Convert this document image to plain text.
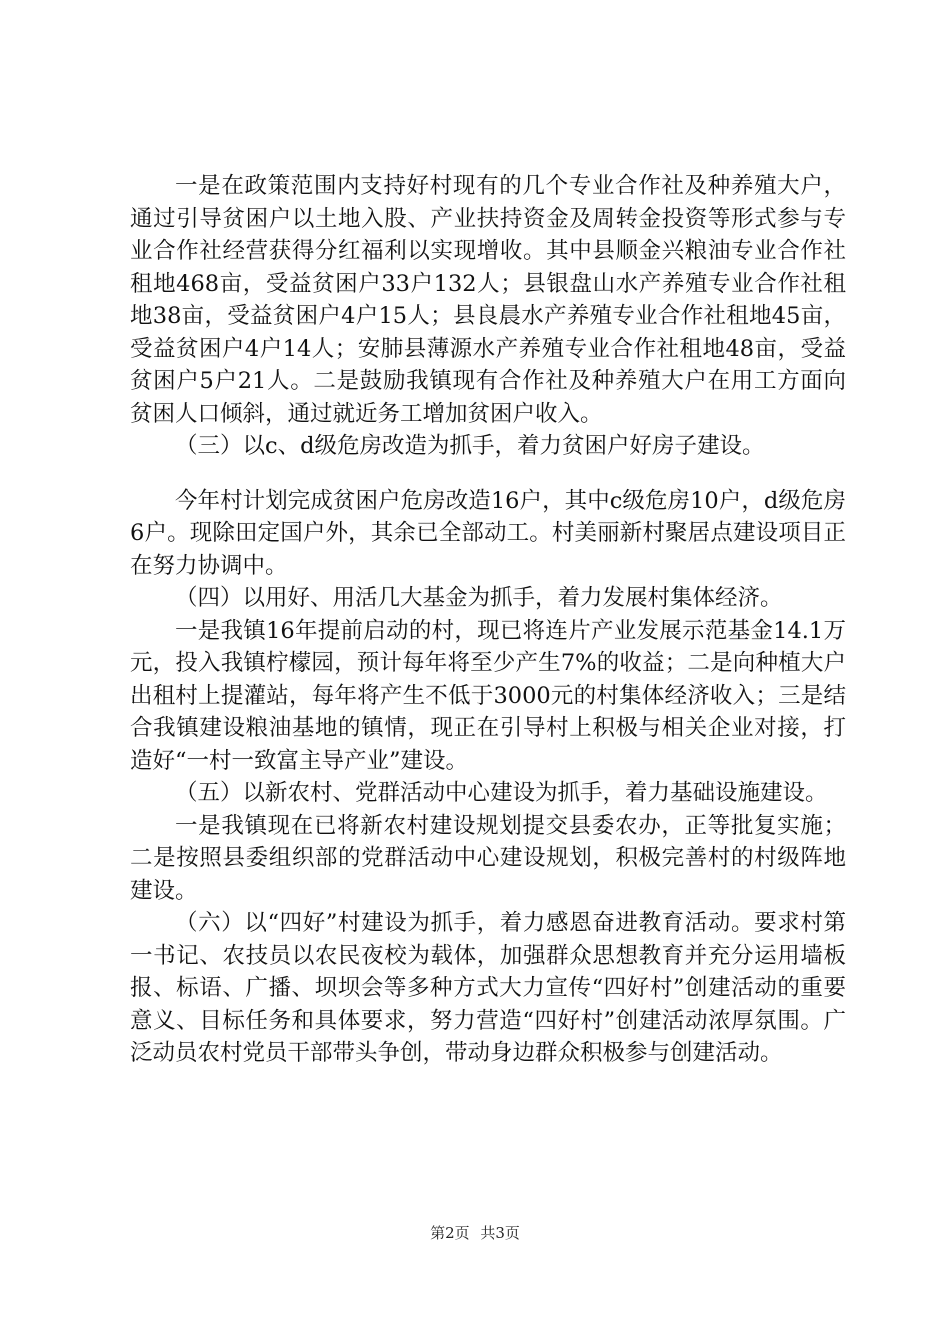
一是在政策范围内支持好村现有的几个专业合作社及种养殖大户，通过引导贫困户以土地入股、产业扶持资金及周转金投资等形式参与专业合作社经营获得分红福利以实现增收。其中县顺金兴粮油专业合作社租地468亩，受益贫困户33户132人；县银盘山水产养殖专业合作社租地38亩，受益贫困户4户15人；县良晨水产养殖专业合作社租地45亩，受益贫困户4户14人；安肺县薄源水产养殖专业合作社租地48亩，受益贫困户5户21人。二是鼓励我镇现有合作社及种养殖大户在用工方面向贫困人口倾斜，通过就近务工增加贫困户收入。

（三）以c、d级危房改造为抓手，着力贫困户好房子建设。

今年村计划完成贫困户危房改造16户，其中c级危房10户，d级危房6户。现除田定国户外，其余已全部动工。村美丽新村聚居点建设项目正在努力协调中。

（四）以用好、用活几大基金为抓手，着力发展村集体经济。

一是我镇16年提前启动的村，现已将连片产业发展示范基金14.1万元，投入我镇柠檬园，预计每年将至少产生7%的收益；二是向种植大户出租村上提灌站，每年将产生不低于3000元的村集体经济收入；三是结合我镇建设粮油基地的镇情，现正在引导村上积极与相关企业对接，打造好“一村一致富主导产业”建设。

（五）以新农村、党群活动中心建设为抓手，着力基础设施建设。

一是我镇现在已将新农村建设规划提交县委农办，正等批复实施；二是按照县委组织部的党群活动中心建设规划，积极完善村的村级阵地建设。

（六）以“四好”村建设为抓手，着力感恩奋进教育活动。要求村第一书记、农技员以农民夜校为载体，加强群众思想教育并充分运用墙板报、标语、广播、坝坝会等多种方式大力宣传“四好村”创建活动的重要意义、目标任务和具体要求，努力营造“四好村”创建活动浓厚氛围。广泛动员农村党员干部带头争创，带动身边群众积极参与创建活动。

第2页 共3页
